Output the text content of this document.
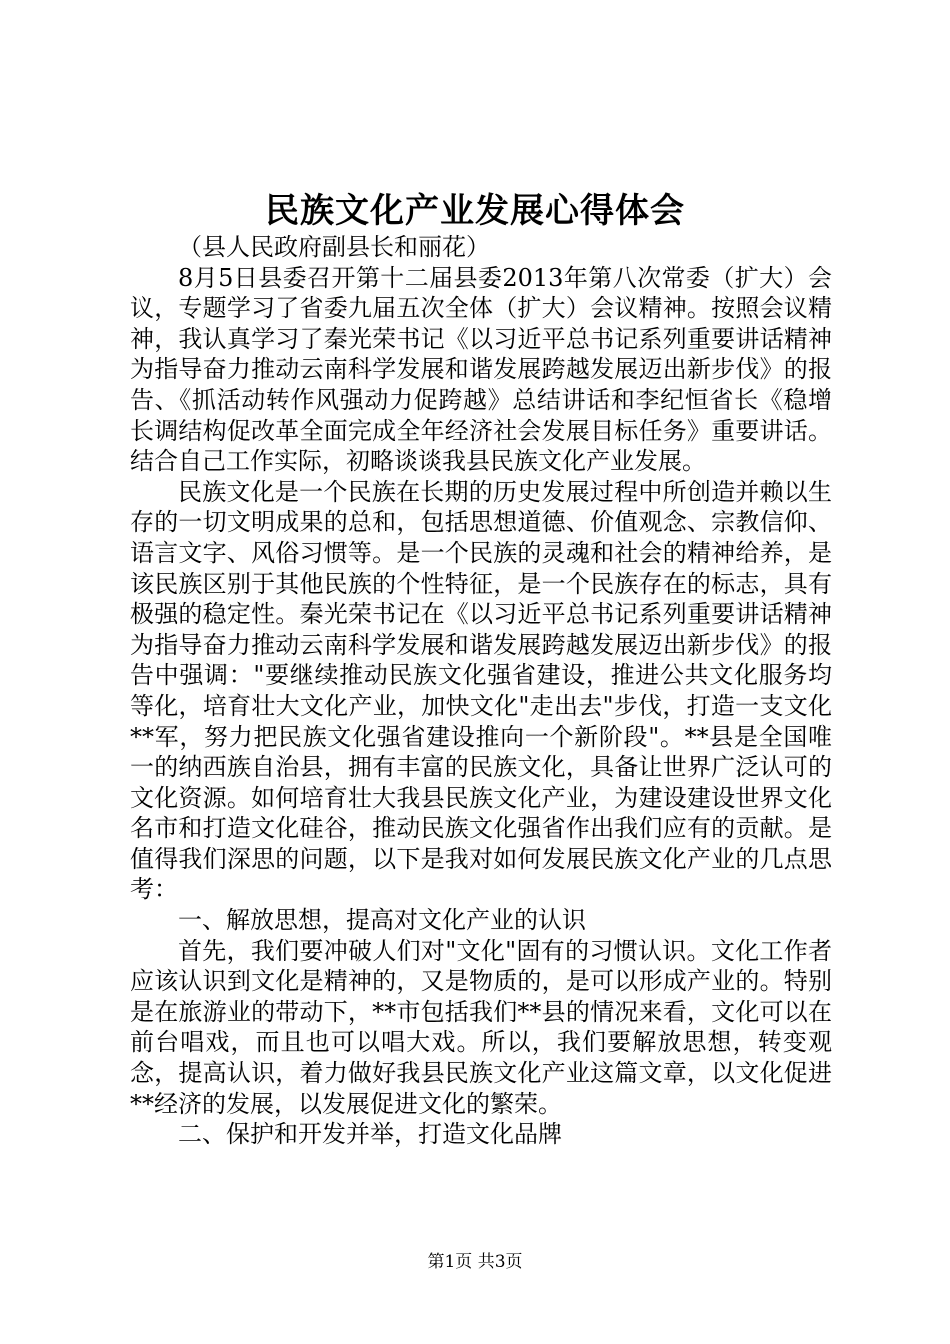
民族文化产业发展心得体会

（县人民政府副县长和丽花）

8月5日县委召开第十二届县委2013年第八次常委（扩大）会议，专题学习了省委九届五次全体（扩大）会议精神。按照会议精神，我认真学习了秦光荣书记《以习近平总书记系列重要讲话精神为指导奋力推动云南科学发展和谐发展跨越发展迈出新步伐》的报告、《抓活动转作风强动力促跨越》总结讲话和李纪恒省长《稳增长调结构促改革全面完成全年经济社会发展目标任务》重要讲话。结合自己工作实际，初略谈谈我县民族文化产业发展。

民族文化是一个民族在长期的历史发展过程中所创造并赖以生存的一切文明成果的总和，包括思想道德、价值观念、宗教信仰、语言文字、风俗习惯等。是一个民族的灵魂和社会的精神给养，是该民族区别于其他民族的个性特征，是一个民族存在的标志，具有极强的稳定性。秦光荣书记在《以习近平总书记系列重要讲话精神为指导奋力推动云南科学发展和谐发展跨越发展迈出新步伐》的报告中强调："要继续推动民族文化强省建设，推进公共文化服务均等化，培育壮大文化产业，加快文化"走出去"步伐，打造一支文化**军，努力把民族文化强省建设推向一个新阶段"。**县是全国唯一的纳西族自治县，拥有丰富的民族文化，具备让世界广泛认可的文化资源。如何培育壮大我县民族文化产业，为建设建设世界文化名市和打造文化硅谷，推动民族文化强省作出我们应有的贡献。是值得我们深思的问题，以下是我对如何发展民族文化产业的几点思考：

一、解放思想，提高对文化产业的认识

首先，我们要冲破人们对"文化"固有的习惯认识。文化工作者应该认识到文化是精神的，又是物质的，是可以形成产业的。特别是在旅游业的带动下，**市包括我们**县的情况来看，文化可以在前台唱戏，而且也可以唱大戏。所以，我们要解放思想，转变观念，提高认识，着力做好我县民族文化产业这篇文章，以文化促进**经济的发展，以发展促进文化的繁荣。

二、保护和开发并举，打造文化品牌

第1页 共3页
